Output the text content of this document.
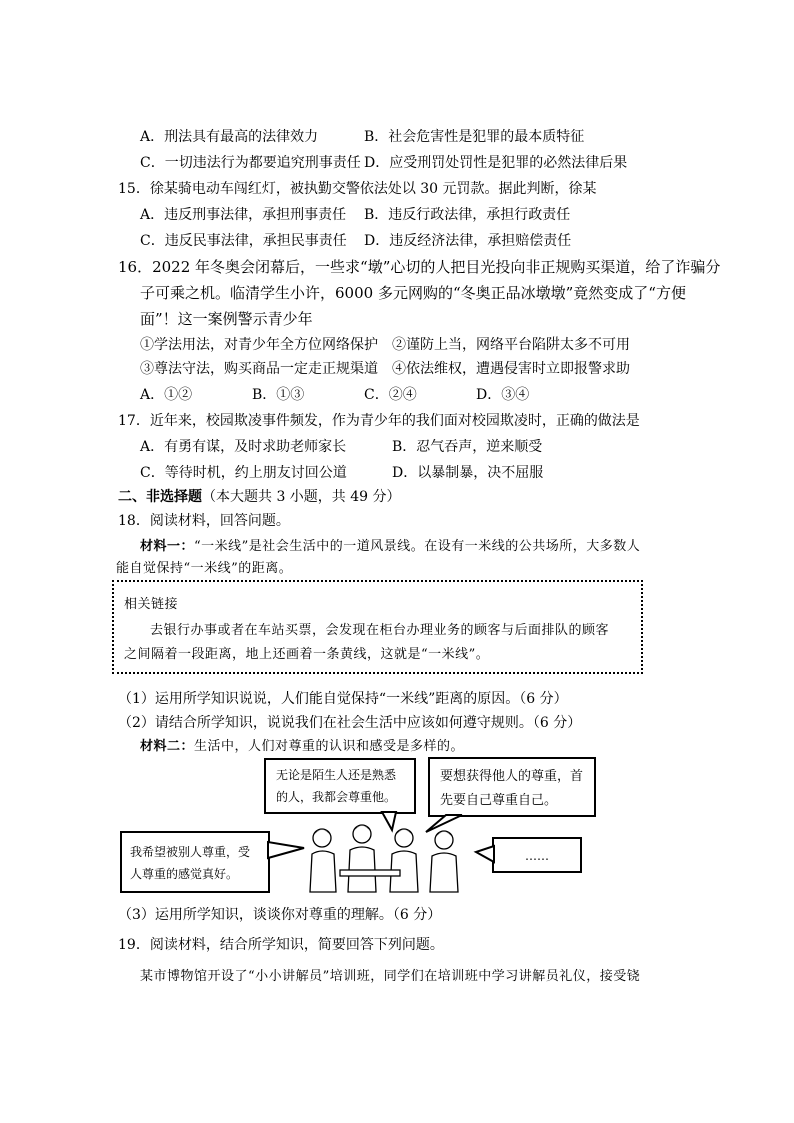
A．刑法具有最高的法律效力	B．社会危害性是犯罪的最本质特征
C．一切违法行为都要追究刑事责任 D．应受刑罚处罚性是犯罪的必然法律后果
15．徐某骑电动车闯红灯，被执勤交警依法处以 30 元罚款。据此判断，徐某
A．违反刑事法律，承担刑事责任 B．违反行政法律，承担行政责任
C．违反民事法律，承担民事责任 D．违反经济法律，承担赔偿责任
16．2022 年冬奥会闭幕后，一些求“墩”心切的人把目光投向非正规购买渠道，给了诈骗分
子可乘之机。临清学生小许，6000 多元网购的“冬奥正品冰墩墩”竟然变成了“方便
面”！这一案例警示青少年
①学法用法，对青少年全方位网络保护 ②谨防上当，网络平台陷阱太多不可用
③尊法守法，购买商品一定走正规渠道 ④依法维权，遭遇侵害时立即报警求助
A．①②	B．①③	C．②④	D．③④
17．近年来，校园欺凌事件频发，作为青少年的我们面对校园欺凌时，正确的做法是
A．有勇有谋，及时求助老师家长	B．忍气吞声，逆来顺受
C．等待时机，约上朋友讨回公道	D．以暴制暴，决不屈服
二、非选择题（本大题共 3 小题，共 49 分）
18．阅读材料，回答问题。
材料一：“一米线”是社会生活中的一道风景线。在设有一米线的公共场所，大多数人
能自觉保持“一米线”的距离。
相关链接
去银行办事或者在车站买票，会发现在柜台办理业务的顾客与后面排队的顾客
之间隔着一段距离，地上还画着一条黄线，这就是“一米线”。
（1）运用所学知识说说，人们能自觉保持“一米线”距离的原因。（6 分）
（2）请结合所学知识，说说我们在社会生活中应该如何遵守规则。（6 分）
材料二：生活中，人们对尊重的认识和感受是多样的。
无论是陌生人还是熟悉的人，我都会尊重他。
要想获得他人的尊重，首先要自己尊重自己。
我希望被别人尊重，受人尊重的感觉真好。
……
（3）运用所学知识，谈谈你对尊重的理解。（6 分）
19．阅读材料，结合所学知识，简要回答下列问题。
某市博物馆开设了“小小讲解员”培训班，同学们在培训班中学习讲解员礼仪，接受铙
